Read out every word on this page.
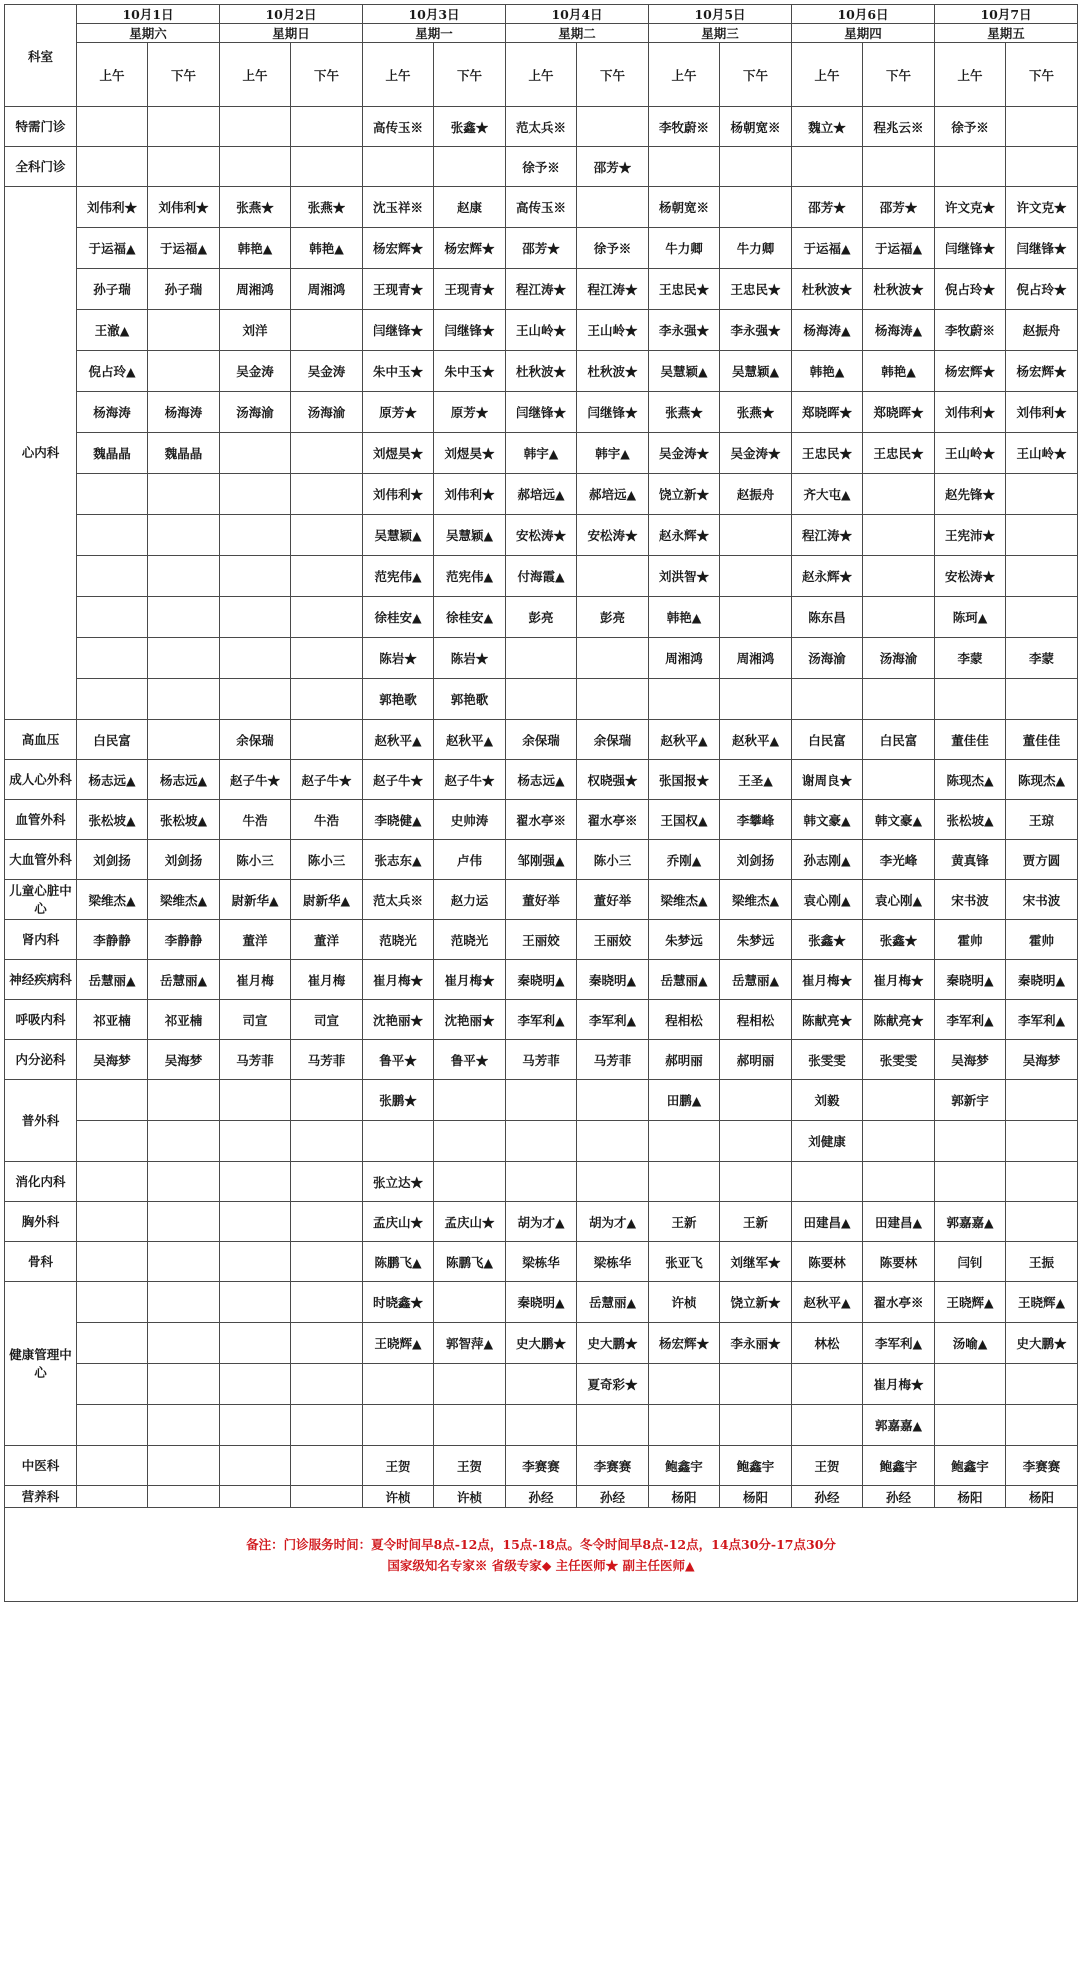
科室	10月1日		10月2日		10月3日		10月4日		10月5日		10月6日		10月7日	
	星期六		星期日		星期一		星期二		星期三		星期四		星期五	
	上午	下午	上午	下午	上午	下午	上午	下午	上午	下午	上午	下午	上午	下午
特需门诊					高传玉※	张鑫★	范太兵※		李牧蔚※	杨朝宽※	魏立★	程兆云※	徐予※	
全科门诊							徐予※	邵芳★						
心内科	刘伟利★	刘伟利★	张燕★	张燕★	沈玉祥※	赵康	高传玉※		杨朝宽※		邵芳★	邵芳★	许文克★	许文克★
	于运福▲	于运福▲	韩艳▲	韩艳▲	杨宏辉★	杨宏辉★	邵芳★	徐予※	牛力卿	牛力卿	于运福▲	于运福▲	闫继锋★	闫继锋★
	孙子瑞	孙子瑞	周湘鸿	周湘鸿	王现青★	王现青★	程江涛★	程江涛★	王忠民★	王忠民★	杜秋波★	杜秋波★	倪占玲★	倪占玲★
	王澈▲		刘洋		闫继锋★	闫继锋★	王山岭★	王山岭★	李永强★	李永强★	杨海涛▲	杨海涛▲	李牧蔚※	赵振舟
	倪占玲▲		吴金涛	吴金涛	朱中玉★	朱中玉★	杜秋波★	杜秋波★	吴慧颖▲	吴慧颖▲	韩艳▲	韩艳▲	杨宏辉★	杨宏辉★
	杨海涛	杨海涛	汤海渝	汤海渝	原芳★	原芳★	闫继锋★	闫继锋★	张燕★	张燕★	郑晓晖★	郑晓晖★	刘伟利★	刘伟利★
	魏晶晶	魏晶晶			刘煜昊★	刘煜昊★	韩宇▲	韩宇▲	吴金涛★	吴金涛★	王忠民★	王忠民★	王山岭★	王山岭★
					刘伟利★	刘伟利★	郝培远▲	郝培远▲	饶立新★	赵振舟	齐大屯▲		赵先锋★	
					吴慧颖▲	吴慧颖▲	安松涛★	安松涛★	赵永辉★		程江涛★		王宪沛★	
					范宪伟▲	范宪伟▲	付海霞▲		刘洪智★		赵永辉★		安松涛★	
					徐桂安▲	徐桂安▲	彭亮	彭亮	韩艳▲		陈东昌		陈珂▲	
					陈岩★	陈岩★			周湘鸿	周湘鸿	汤海渝	汤海渝	李蒙	李蒙
					郭艳歌	郭艳歌								
高血压	白民富		余保瑞		赵秋平▲	赵秋平▲	余保瑞	余保瑞	赵秋平▲	赵秋平▲	白民富	白民富	董佳佳	董佳佳
成人心外科	杨志远▲	杨志远▲	赵子牛★	赵子牛★	赵子牛★	赵子牛★	杨志远▲	权晓强★	张国报★	王圣▲	谢周良★		陈现杰▲	陈现杰▲
血管外科	张松坡▲	张松坡▲	牛浩	牛浩	李晓健▲	史帅涛	翟水亭※	翟水亭※	王国权▲	李攀峰	韩文豪▲	韩文豪▲	张松坡▲	王琼
大血管外科	刘剑扬	刘剑扬	陈小三	陈小三	张志东▲	卢伟	邹刚强▲	陈小三	乔刚▲	刘剑扬	孙志刚▲	李光峰	黄真锋	贾方圆
儿童心脏中心	梁维杰▲	梁维杰▲	尉新华▲	尉新华▲	范太兵※	赵力运	董好举	董好举	梁维杰▲	梁维杰▲	袁心刚▲	袁心刚▲	宋书波	宋书波
肾内科	李静静	李静静	董洋	董洋	范晓光	范晓光	王丽姣	王丽姣	朱梦远	朱梦远	张鑫★	张鑫★	霍帅	霍帅
神经疾病科	岳慧丽▲	岳慧丽▲	崔月梅	崔月梅	崔月梅★	崔月梅★	秦晓明▲	秦晓明▲	岳慧丽▲	岳慧丽▲	崔月梅★	崔月梅★	秦晓明▲	秦晓明▲
呼吸内科	祁亚楠	祁亚楠	司宣	司宣	沈艳丽★	沈艳丽★	李军利▲	李军利▲	程相松	程相松	陈献亮★	陈献亮★	李军利▲	李军利▲
内分泌科	吴海梦	吴海梦	马芳菲	马芳菲	鲁平★	鲁平★	马芳菲	马芳菲	郝明丽	郝明丽	张雯雯	张雯雯	吴海梦	吴海梦
普外科					张鹏★				田鹏▲		刘毅		郭新宇	
											刘健康			
消化内科					张立达★									
胸外科					孟庆山★	孟庆山★	胡为才▲	胡为才▲	王新	王新	田建昌▲	田建昌▲	郭嘉嘉▲	
骨科					陈鹏飞▲	陈鹏飞▲	梁栋华	梁栋华	张亚飞	刘继军★	陈要林	陈要林	闫钊	王振
健康管理中心					时晓鑫★		秦晓明▲	岳慧丽▲	许桢	饶立新★	赵秋平▲	翟水亭※	王晓辉▲	王晓辉▲
					王晓辉▲	郭智萍▲	史大鹏★	史大鹏★	杨宏辉★	李永丽★	林松	李军利▲	汤喻▲	史大鹏★
								夏奇彩★				崔月梅★		
												郭嘉嘉▲		
中医科					王贺	王贺	李赛赛	李赛赛	鲍鑫宇	鲍鑫宇	王贺	鲍鑫宇	鲍鑫宇	李赛赛
营养科					许桢	许桢	孙经	孙经	杨阳	杨阳	孙经	孙经	杨阳	杨阳

备注：门诊服务时间：夏令时间早8点-12点，15点-18点。冬令时间早8点-12点，14点30分-17点30分
国家级知名专家※ 省级专家◆ 主任医师★ 副主任医师▲														
